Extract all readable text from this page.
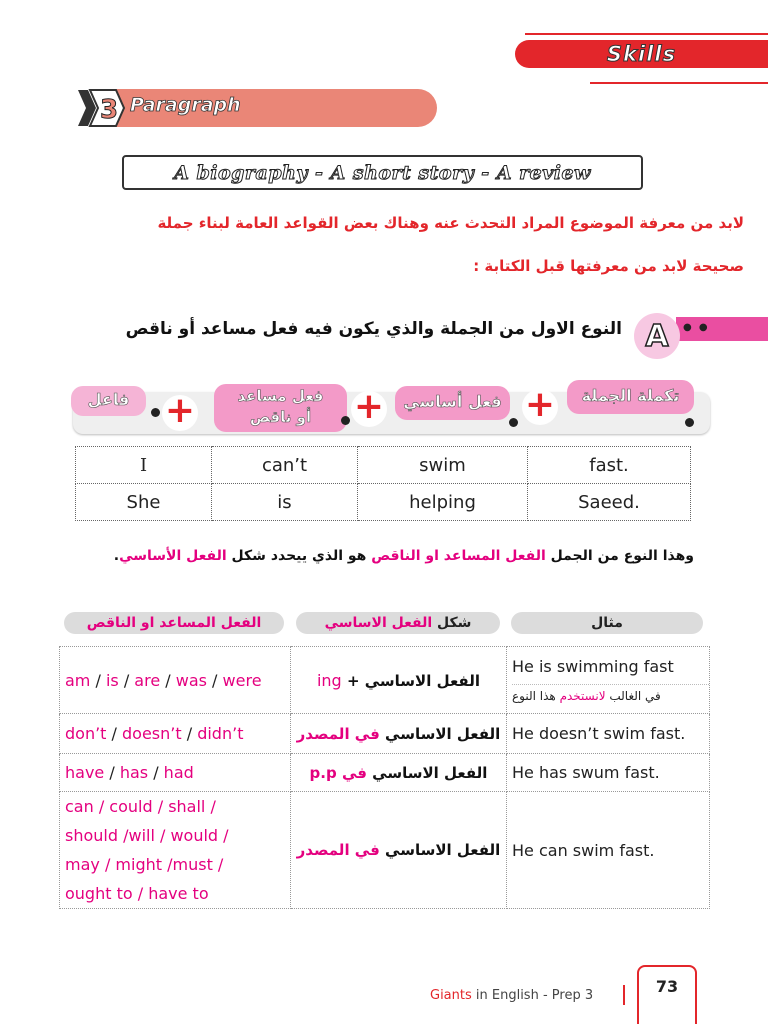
Skills
3 Paragraph
A biography - A short story - A review
لابد من معرفة الموضوع المراد التحدث عنه وهناك بعض القواعد العامة لبناء جملة
صحيحة لابد من معرفتها قبل الكتابة :
A ● ●
النوع الاول من الجملة والذي يكون فيه فعل مساعد أو ناقص
فاعل +	فعل مساعد
أو ناقص	+	فعل أساسي +	تكملة الجملة
I	can’t	swim	fast.
She	is	helping	Saeed.
وهذا النوع من الجمل الفعل المساعد او الناقص هو الذي ييحدد شكل الفعل الأساسي.
الفعل المساعد او الناقص	شكل الفعل الاساسي	مثال
am / is / are / was / were	الفعل الاساسي + ing	He is swimming fast
في الغالب لانستخدم هذا النوع

don’t / doesn’t / didn’t	الفعل الاساسي في المصدر	He doesn’t swim fast.
have / has / had	الفعل الاساسي في p.p	He has swum fast.

can / could / shall /
should /will / would /
may / might /must /
ought to / have to	الفعل الاساسي في المصدر	He can swim fast.
Giants in English - Prep 3	73
